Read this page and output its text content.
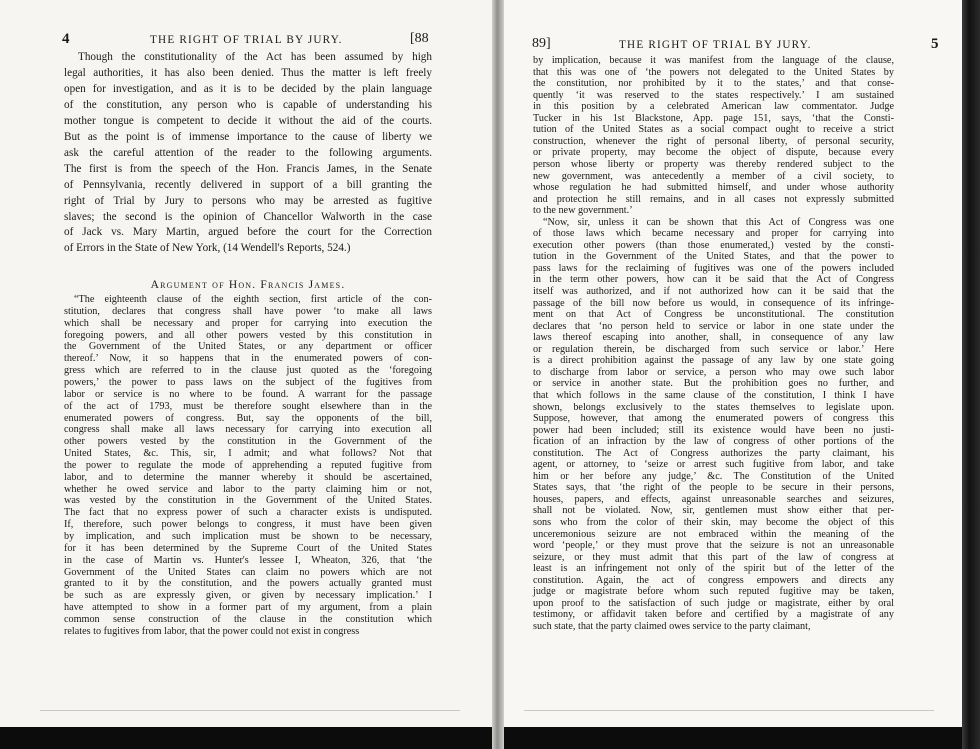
4	THE RIGHT OF TRIAL BY JURY.	[88

Though the constitutionality of the Act has been assumed by high

legal authorities, it has also been denied. Thus the matter is left freely

open for investigation, and as it is to be decided by the plain language

of the constitution, any person who is capable of understanding his

mother tongue is competent to decide it without the aid of the courts.

But as the point is of immense importance to the cause of liberty we

ask the careful attention of the reader to the following arguments.

The first is from the speech of the Hon. Francis James, in the Senate

of Pennsylvania, recently delivered in support of a bill granting the

right of Trial by Jury to persons who may be arrested as fugitive

slaves; the second is the opinion of Chancellor Walworth in the case

of Jack vs. Mary Martin, argued before the court for the Correction

of Errors in the State of New York, (14 Wendell's Reports, 524.)

Argument of Hon. Francis James.

“The eighteenth clause of the eighth section, first article of the con-

stitution, declares that congress shall have power ‘to make all laws

which shall be necessary and proper for carrying into execution the

foregoing powers, and all other powers vested by this constitution in

the Government of the United States, or any department or officer

thereof.’ Now, it so happens that in the enumerated powers of con-

gress which are referred to in the clause just quoted as the ‘foregoing

powers,’ the power to pass laws on the subject of the fugitives from

labor or service is no where to be found. A warrant for the passage

of the act of 1793, must be therefore sought elsewhere than in the

enumerated powers of congress. But, say the opponents of the bill,

congress shall make all laws necessary for carrying into execution all

other powers vested by the constitution in the Government of the

United States, &c. This, sir, I admit; and what follows? Not that

the power to regulate the mode of apprehending a reputed fugitive from

labor, and to determine the manner whereby it should be ascertained,

whether he owed service and labor to the party claiming him or not,

was vested by the constitution in the Government of the United States.

The fact that no express power of such a character exists is undisputed.

If, therefore, such power belongs to congress, it must have been given

by implication, and such implication must be shown to be necessary,

for it has been determined by the Supreme Court of the United States

in the case of Martin vs. Hunter's lessee I, Wheaton, 326, that ‘the

Government of the United States can claim no powers which are not

granted to it by the constitution, and the powers actually granted must

be such as are expressly given, or given by necessary implication.’ I

have attempted to show in a former part of my argument, from a plain

common sense construction of the clause in the constitution which

relates to fugitives from labor, that the power could not exist in congress

89]	THE RIGHT OF TRIAL BY JURY.	5

by implication, because it was manifest from the language of the clause,

that this was one of ‘the powers not delegated to the United States by

the constitution, nor prohibited by it to the states,’ and that conse-

quently ‘it was reserved to the states respectively.’ I am sustained

in this position by a celebrated American law commentator. Judge

Tucker in his 1st Blackstone, App. page 151, says, ‘that the Consti-

tution of the United States as a social compact ought to receive a strict

construction, whenever the right of personal liberty, of personal security,

or private property, may become the object of dispute, because every

person whose liberty or property was thereby rendered subject to the

new government, was antecedently a member of a civil society, to

whose regulation he had submitted himself, and under whose authority

and protection he still remains, and in all cases not expressly submitted

to the new government.’

“Now, sir, unless it can be shown that this Act of Congress was one

of those laws which became necessary and proper for carrying into

execution other powers (than those enumerated,) vested by the consti-

tution in the Government of the United States, and that the power to

pass laws for the reclaiming of fugitives was one of the powers included

in the term other powers, how can it be said that the Act of Congress

itself was authorized, and if not authorized how can it be said that the

passage of the bill now before us would, in consequence of its infringe-

ment on that Act of Congress be unconstitutional. The constitution

declares that ‘no person held to service or labor in one state under the

laws thereof escaping into another, shall, in consequence of any law

or regulation therein, be discharged from such service or labor.’ Here

is a direct prohibition against the passage of any law by one state going

to discharge from labor or service, a person who may owe such labor

or service in another state. But the prohibition goes no further, and

that which follows in the same clause of the constitution, I think I have

shown, belongs exclusively to the states themselves to legislate upon.

Suppose, however, that among the enumerated powers of congress this

power had been included; still its existence would have been no justi-

fication of an infraction by the law of congress of other portions of the

constitution. The Act of Congress authorizes the party claimant, his

agent, or attorney, to ‘seize or arrest such fugitive from labor, and take

him or her before any judge,’ &c. The Constitution of the United

States says, that ‘the right of the people to be secure in their persons,

houses, papers, and effects, against unreasonable searches and seizures,

shall not be violated. Now, sir, gentlemen must show either that per-

sons who from the color of their skin, may become the object of this

unceremonious seizure are not embraced within the meaning of the

word ‘people,’ or they must prove that the seizure is not an unreasonable

seizure, or they must admit that this part of the law of congress at

least is an infringement not only of the spirit but of the letter of the

constitution. Again, the act of congress empowers and directs any

judge or magistrate before whom such reputed fugitive may be taken,

upon proof to the satisfaction of such judge or magistrate, either by oral

testimony, or affidavit taken before and certified by a magistrate of any

such state, that the party claimed owes service to the party claimant,
